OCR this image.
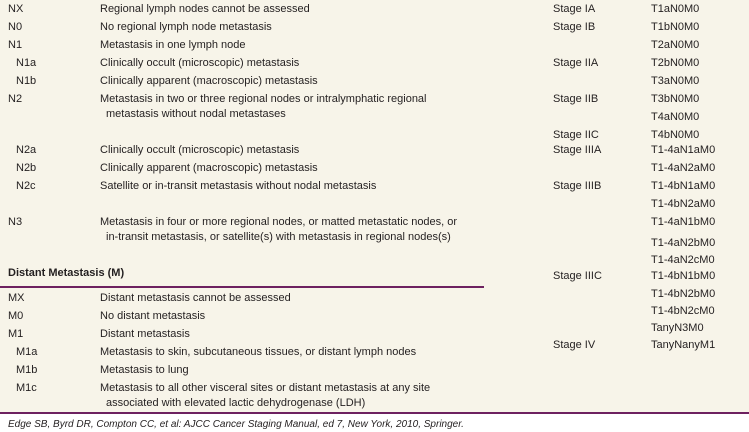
Distant Metastasis (M)
Edge SB, Byrd DR, Compton CC, et al: AJCC Cancer Staging Manual, ed 7, New York, 2010, Springer.
NX	Regional lymph nodes cannot be assessed
N0	No regional lymph node metastasis
N1	Metastasis in one lymph node
N1a	Clinically occult (microscopic) metastasis
N1b	Clinically apparent (macroscopic) metastasis
N2	Metastasis in two or three regional nodes or intralymphatic regional
metastasis without nodal metastases
N2a	Clinically occult (microscopic) metastasis
N2b	Clinically apparent (macroscopic) metastasis
N2c	Satellite or in-transit metastasis without nodal metastasis
N3	Metastasis in four or more regional nodes, or matted metastatic nodes, or
in-transit metastasis, or satellite(s) with metastasis in regional nodes(s)
MX	Distant metastasis cannot be assessed
M0	No distant metastasis
M1	Distant metastasis
M1a	Metastasis to skin, subcutaneous tissues, or distant lymph nodes
M1b	Metastasis to lung
M1c	Metastasis to all other visceral sites or distant metastasis at any site
associated with elevated lactic dehydrogenase (LDH)
Stage IA	T1aN0M0
Stage IB	T1bN0M0
T2aN0M0
Stage IIA	T2bN0M0
T3aN0M0
Stage IIB	T3bN0M0
T4aN0M0
Stage IIC	T4bN0M0
Stage IIIA	T1-4aN1aM0
T1-4aN2aM0
Stage IIIB	T1-4bN1aM0
T1-4bN2aM0
T1-4aN1bM0
T1-4aN2bM0
T1-4aN2cM0
Stage IIIC	T1-4bN1bM0
T1-4bN2bM0
T1-4bN2cM0
TanyN3M0
Stage IV	TanyNanyM1
